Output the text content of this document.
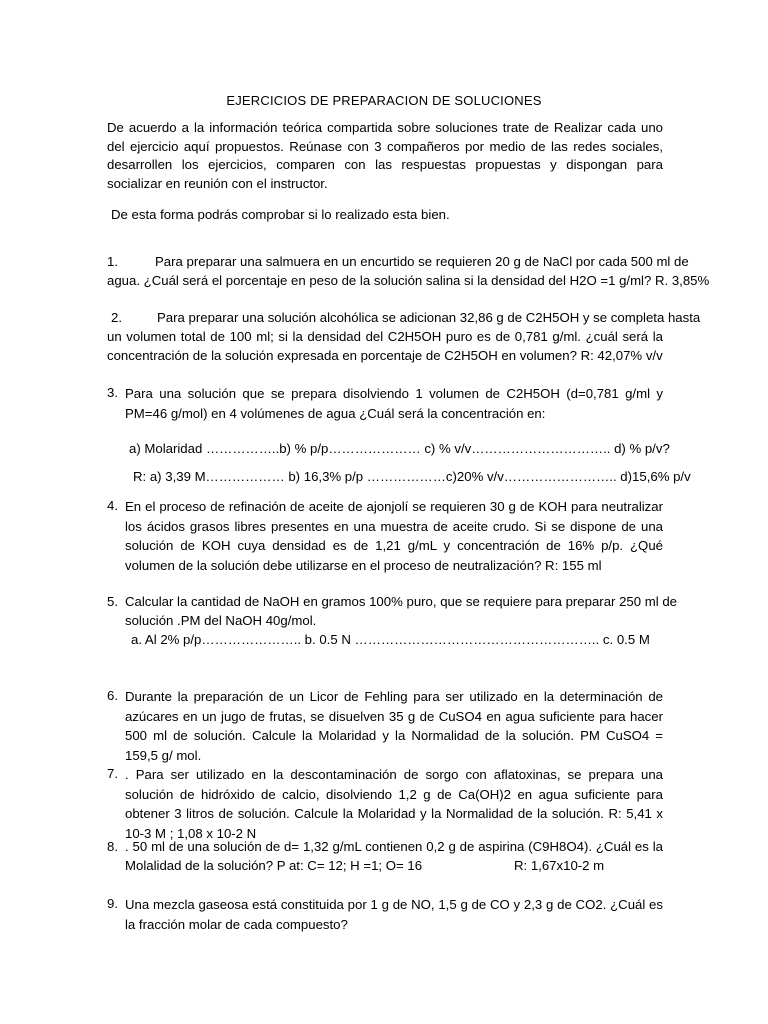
EJERCICIOS DE PREPARACION DE SOLUCIONES
De acuerdo a la información teórica compartida sobre soluciones trate de Realizar cada uno del ejercicio aquí propuestos. Reúnase con 3 compañeros por medio de las redes sociales, desarrollen los ejercicios, comparen con las respuestas propuestas y dispongan para socializar en reunión con el instructor.
De esta forma podrás comprobar si lo realizado esta bien.
1.	Para preparar una salmuera en un encurtido se requieren 20 g de NaCl por cada 500 ml de
agua. ¿Cuál será el porcentaje en peso de la solución salina si la densidad del H2O =1 g/ml? R. 3,85%
2.	Para preparar una solución alcohólica se adicionan 32,86 g de C2H5OH y se completa hasta
un volumen total de 100 ml; si la densidad del C2H5OH puro es de 0,781 g/ml. ¿cuál será la
concentración de la solución expresada en porcentaje de C2H5OH en volumen? R: 42,07% v/v
3. Para una solución que se prepara disolviendo 1 volumen de C2H5OH (d=0,781 g/ml y PM=46 g/mol) en 4 volúmenes de agua ¿Cuál será la concentración en:
a) Molaridad ……………..b) % p/p………………… c) % v/v………………………….. d) % p/v?
R: a) 3,39 M……………… b) 16,3% p/p ………………c)20% v/v…………………….. d)15,6% p/v
4. En el proceso de refinación de aceite de ajonjolí se requieren 30 g de KOH para neutralizar los ácidos grasos libres presentes en una muestra de aceite crudo. Si se dispone de una solución de KOH cuya densidad es de 1,21 g/mL y concentración de 16% p/p. ¿Qué volumen de la solución debe utilizarse en el proceso de neutralización? R: 155 ml
5. Calcular la cantidad de NaOH en gramos 100% puro, que se requiere para preparar 250 ml de
solución .PM del NaOH 40g/mol.
a. Al 2% p/p………………….. b. 0.5 N ……………………………………………….. c. 0.5 M
6. Durante la preparación de un Licor de Fehling para ser utilizado en la determinación de azúcares en un jugo de frutas, se disuelven 35 g de CuSO4 en agua suficiente para hacer 500 ml de solución. Calcule la Molaridad y la Normalidad de la solución. PM CuSO4 = 159,5 g/ mol.
7. . Para ser utilizado en la descontaminación de sorgo con aflatoxinas, se prepara una solución de hidróxido de calcio, disolviendo 1,2 g de Ca(OH)2 en agua suficiente para obtener 3 litros de solución. Calcule la Molaridad y la Normalidad de la solución. R: 5,41 x 10-3 M ; 1,08 x 10-2 N
8. . 50 ml de una solución de d= 1,32 g/mL contienen 0,2 g de aspirina (C9H8O4). ¿Cuál es la
Molalidad de la solución? P at: C= 12; H =1; O= 16	R: 1,67x10-2 m
9. Una mezcla gaseosa está constituida por 1 g de NO, 1,5 g de CO y 2,3 g de CO2. ¿Cuál es la fracción molar de cada compuesto?
